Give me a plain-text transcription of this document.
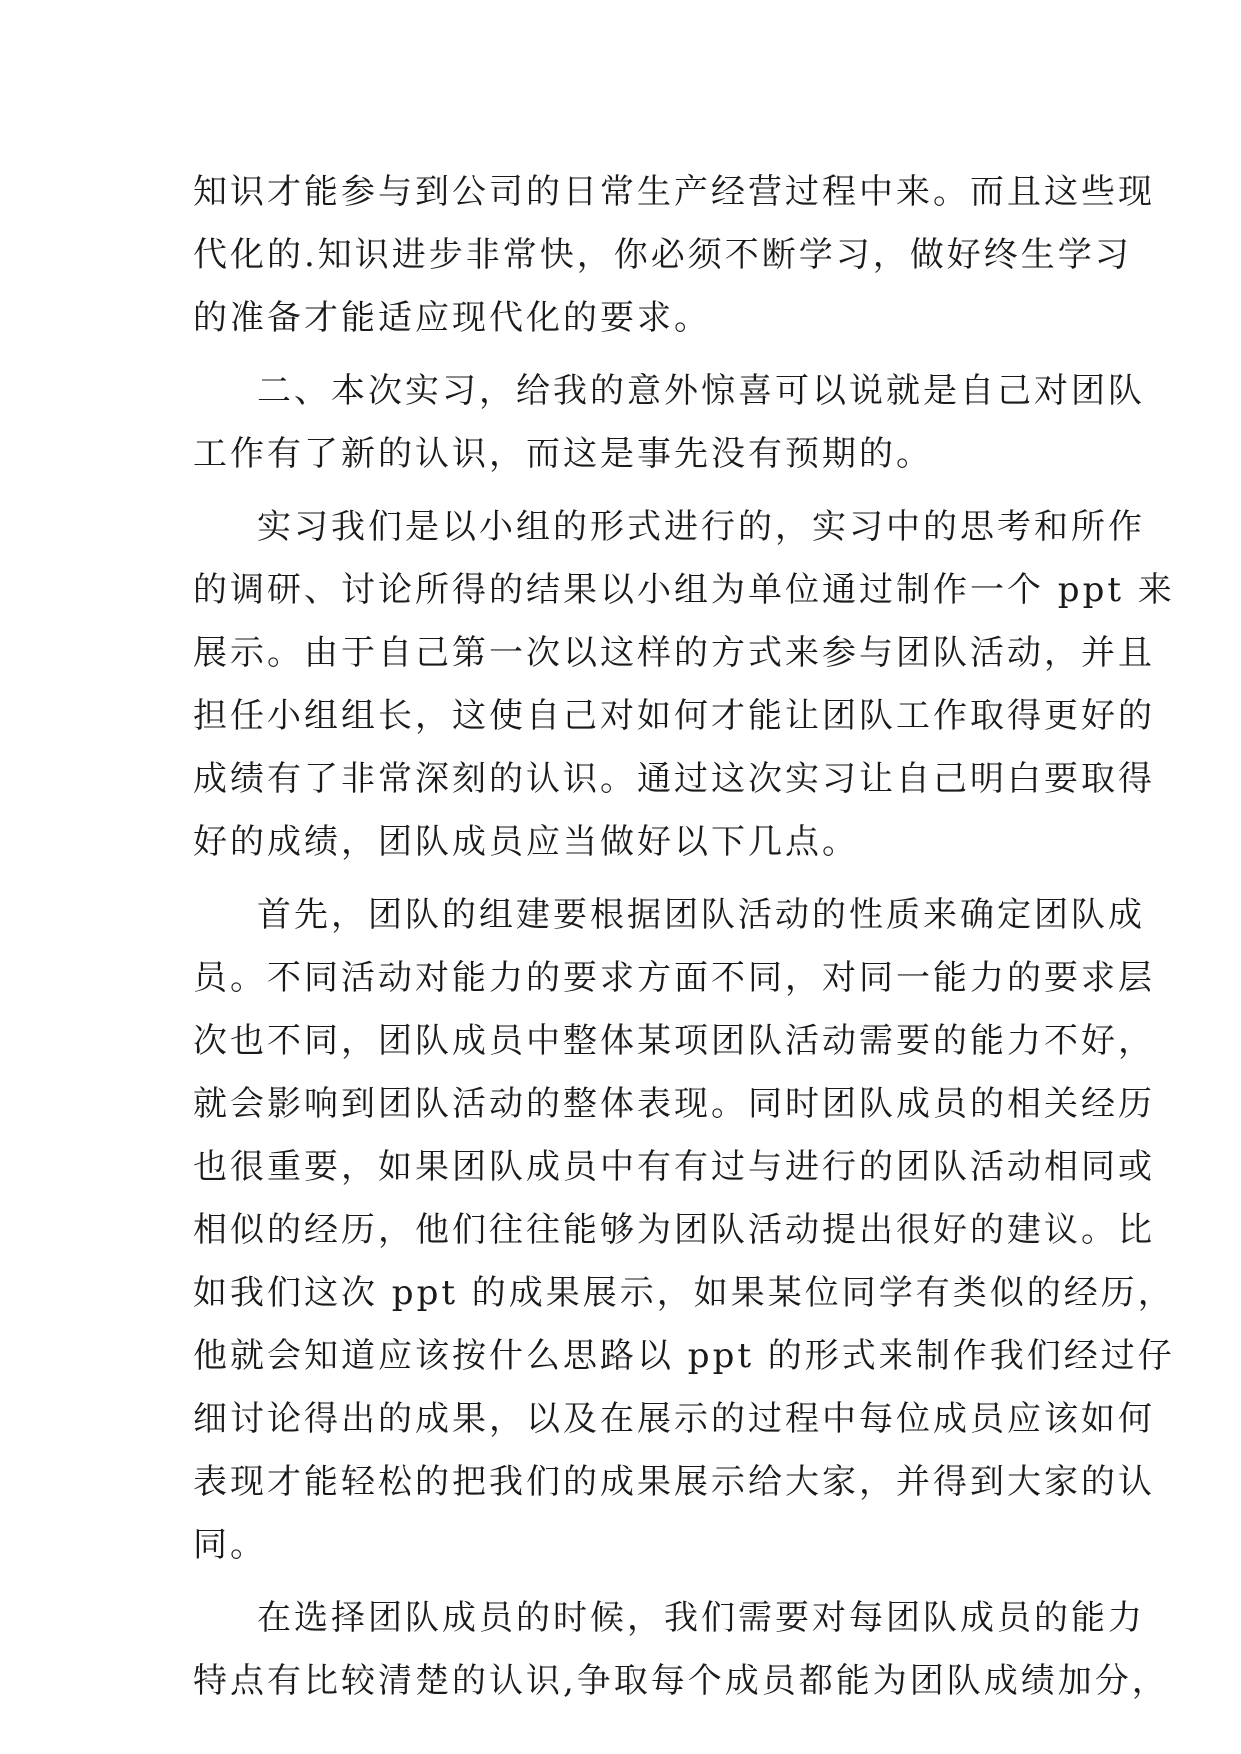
知识才能参与到公司的日常生产经营过程中来。而且这些现
代化的.知识进步非常快，你必须不断学习，做好终生学习
的准备才能适应现代化的要求。
二、本次实习，给我的意外惊喜可以说就是自己对团队
工作有了新的认识，而这是事先没有预期的。
实习我们是以小组的形式进行的，实习中的思考和所作
的调研、讨论所得的结果以小组为单位通过制作一个 ppt 来
展示。由于自己第一次以这样的方式来参与团队活动，并且
担任小组组长，这使自己对如何才能让团队工作取得更好的
成绩有了非常深刻的认识。通过这次实习让自己明白要取得
好的成绩，团队成员应当做好以下几点。
首先，团队的组建要根据团队活动的性质来确定团队成
员。不同活动对能力的要求方面不同，对同一能力的要求层
次也不同，团队成员中整体某项团队活动需要的能力不好，
就会影响到团队活动的整体表现。同时团队成员的相关经历
也很重要，如果团队成员中有有过与进行的团队活动相同或
相似的经历，他们往往能够为团队活动提出很好的建议。比
如我们这次 ppt 的成果展示，如果某位同学有类似的经历，
他就会知道应该按什么思路以 ppt 的形式来制作我们经过仔
细讨论得出的成果，以及在展示的过程中每位成员应该如何
表现才能轻松的把我们的成果展示给大家，并得到大家的认
同。
在选择团队成员的时候，我们需要对每团队成员的能力
特点有比较清楚的认识,争取每个成员都能为团队成绩加分，
